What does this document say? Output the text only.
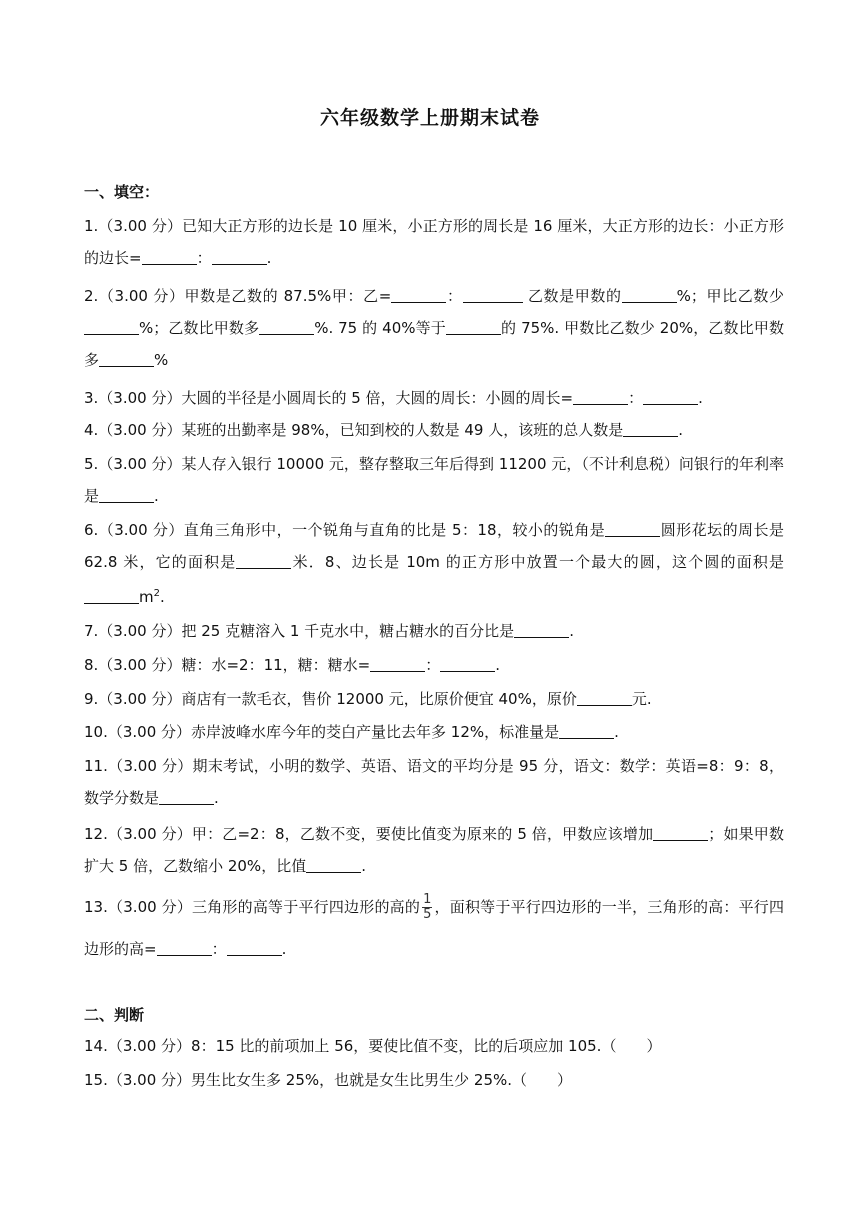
六年级数学上册期末试卷
一、填空：

1.（3.00 分）已知大正方形的边长是 10 厘米，小正方形的周长是 16 厘米，大正方形的边长：小正方形的边长=	：	.

2.（3.00 分）甲数是乙数的 87.5%甲：乙=	：	乙数是甲数的	%；甲比乙数少%；乙数比甲数多	%. 75 的 40%等于	的 75%. 甲数比乙数少 20%，乙数比甲数多	%

3.（3.00 分）大圆的半径是小圆周长的 5 倍，大圆的周长：小圆的周长=	：	.

4.（3.00 分）某班的出勤率是 98%，已知到校的人数是 49 人，该班的总人数是	.

5.（3.00 分）某人存入银行 10000 元，整存整取三年后得到 11200 元，（不计利息税）问银行的年利率是	.

6.（3.00 分）直角三角形中，一个锐角与直角的比是 5：18，较小的锐角是	圆形花坛的周长是 62.8 米，它的面积是	米．8、边长是 10m 的正方形中放置一个最大的圆，这个圆的面积是$m^2$.

7.（3.00 分）把 25 克糖溶入 1 千克水中，糖占糖水的百分比是	.

8.（3.00 分）糖：水=2：11，糖：糖水=	：	.

9.（3.00 分）商店有一款毛衣，售价 12000 元，比原价便宜 40%，原价	元.

10.（3.00 分）赤岸波峰水库今年的茭白产量比去年多 12%，标准量是	.

11.（3.00 分）期末考试，小明的数学、英语、语文的平均分是 95 分，语文：数学：英语=8：9：8，数学分数是	.

12.（3.00 分）甲：乙=2：8，乙数不变，要使比值变为原来的 5 倍，甲数应该增加	；如果甲数扩大 5 倍，乙数缩小 20%，比值	.

13.（3.00 分）三角形的高等于平行四边形的高的 $\frac{1}{5}$ ，面积等于平行四边形的一半，三角形的高：平行四边形的高=	：	.

二、判断

14.（3.00 分）8：15 比的前项加上 56，要使比值不变，比的后项应加 105.（　　）

15.（3.00 分）男生比女生多 25%，也就是女生比男生少 25%.（　　）
